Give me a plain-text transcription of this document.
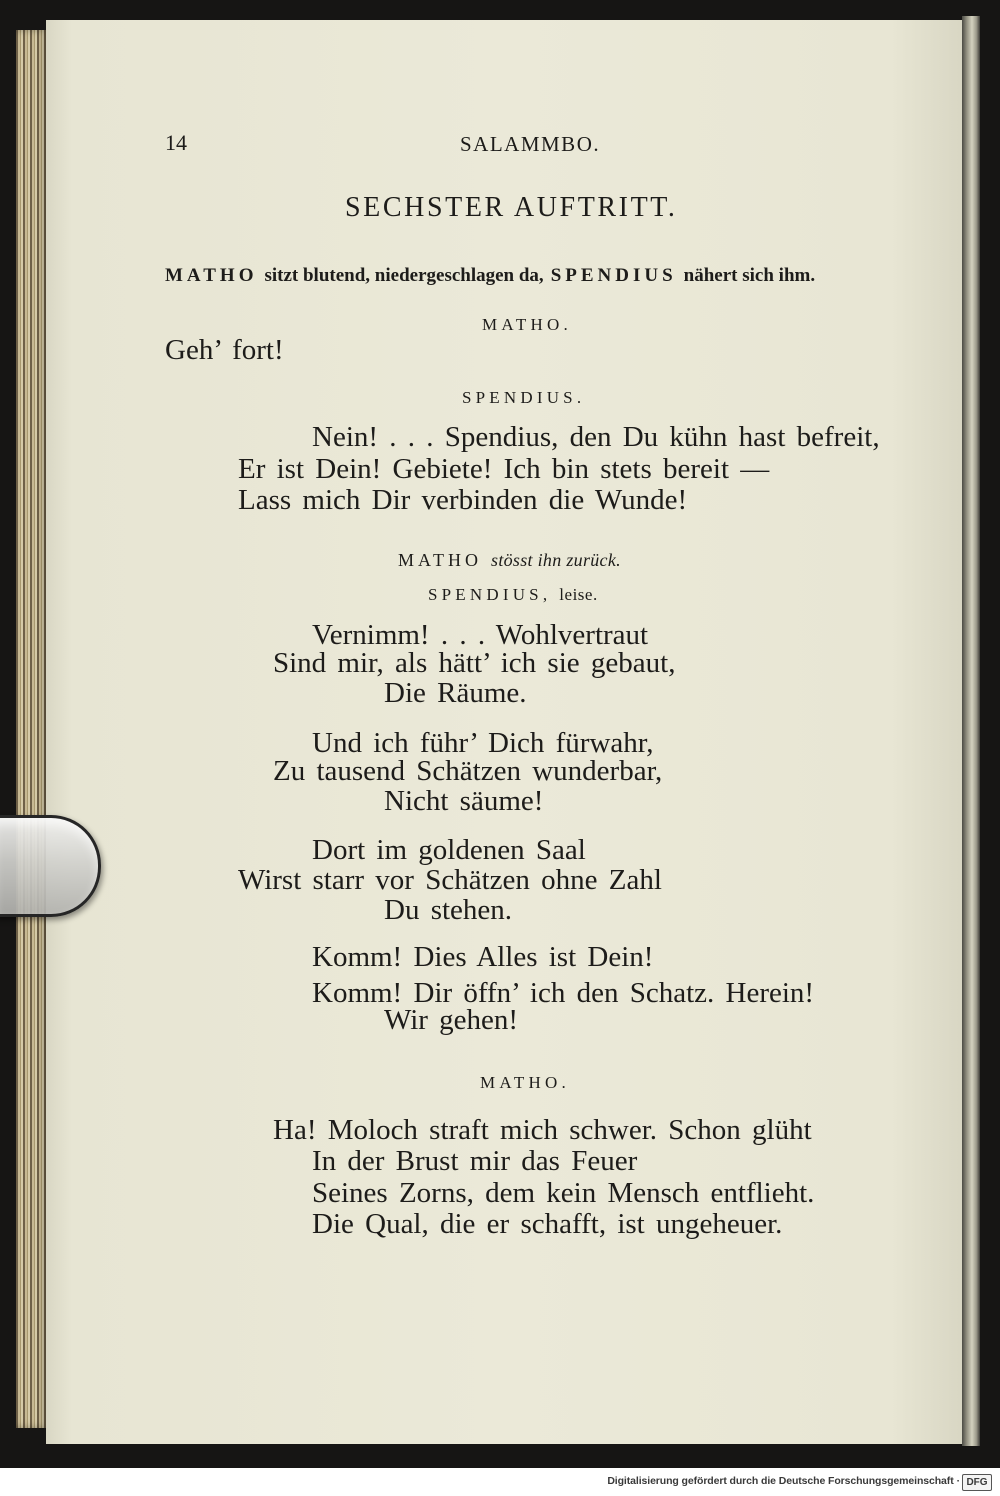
14	SALAMMBO.
SECHSTER AUFTRITT.
MATHO sitzt blutend, niedergeschlagen da, SPENDIUS nähert sich ihm.
MATHO.
Geh’ fort!
SPENDIUS.
Nein! . . . Spendius, den Du kühn hast befreit,
Er ist Dein! Gebiete! Ich bin stets bereit —
Lass mich Dir verbinden die Wunde!
MATHO stösst ihn zurück.
SPENDIUS, leise.
Vernimm! . . . Wohlvertraut
Sind mir, als hätt’ ich sie gebaut,
Die Räume.
Und ich führ’ Dich fürwahr,
Zu tausend Schätzen wunderbar,
Nicht säume!
Dort im goldenen Saal
Wirst starr vor Schätzen ohne Zahl
Du stehen.
Komm! Dies Alles ist Dein!
Komm! Dir öffn’ ich den Schatz. Herein!
Wir gehen!
MATHO.
Ha! Moloch straft mich schwer. Schon glüht
In der Brust mir das Feuer
Seines Zorns, dem kein Mensch entflieht.
Die Qual, die er schafft, ist ungeheuer.
Digitalisierung gefördert durch die Deutsche Forschungsgemeinschaft · DFG
